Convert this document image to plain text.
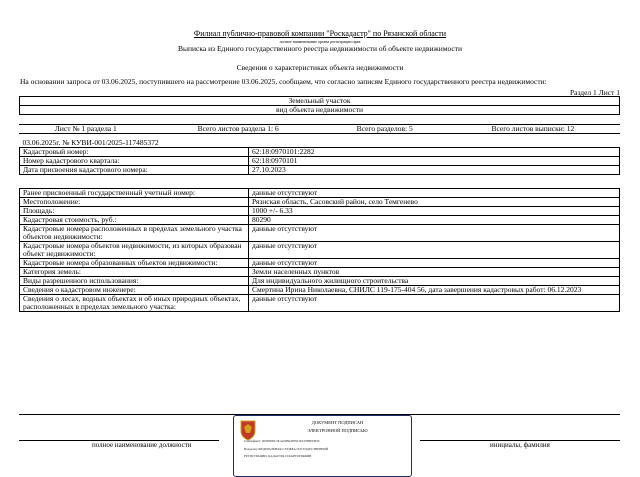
Филиал публично-правовой компании "Роскадастр" по Рязанской области
полное наименование органа регистрации прав
Выписка из Единого государственного реестра недвижимости об объекте недвижимости
Сведения о характеристиках объекта недвижимости
На основании запроса от 03.06.2025, поступившего на рассмотрение 03.06.2025, сообщаем, что согласно записям Единого государственного реестра недвижимости:
Раздел 1 Лист 1
Земельный участок
вид объекта недвижимости
Лист № 1 раздела 1	Всего листов раздела 1: 6	Всего разделов: 5	Всего листов выписки: 12
03.06.2025г. № КУВИ-001/2025-117485372	
Кадастровый номер:	62:18:0970101:2282
Номер кадастрового квартала:	62:18:0970101
Дата присвоения кадастрового номера:	27.10.2023
Ранее присвоенный государственный учетный номер:	данные отсутствуют
Местоположение:	Рязнская область, Сасовский район, село Темгенево
Площадь:	1000 +/- 6.33
Кадастровая стоимость, руб.:	80290
Кадастровые номера расположенных в пределах земельного участка объектов недвижимости:	данные отсутствуют
Кадастровые номера объектов недвижимости, из которых образован объект недвижимости:	данные отсутствуют
Кадастровые номера образованных объектов недвижимости:	данные отсутствуют
Категория земель:	Земли населенных пунктов
Виды разрешенного использования:	Для индивидуального жилищного строительства
Сведения о кадастровом инженере:	Смертина Ирина Николаевна, СНИЛС 119-175-404 56, дата завершения кадастровых работ: 06.12.2023
Сведения о лесах, водных объектах и об иных природных объектах, расположенных в пределах земельного участка:	данные отсутствуют
полное наименование должности	инициалы, фамилия
ДОКУМЕНТ ПОДПИСАН
ЭЛЕКТРОННОЙ ПОДПИСЬЮ
Сертификат: 009F08DC181A02B04585F1E2379BEFB30
Владелец: ФЕДЕРАЛЬНАЯ СЛУЖБА ГОСУДАРСТВЕННОЙ
РЕГИСТРАЦИИ, КАДАСТРА И КАРТОГРАФИИ
